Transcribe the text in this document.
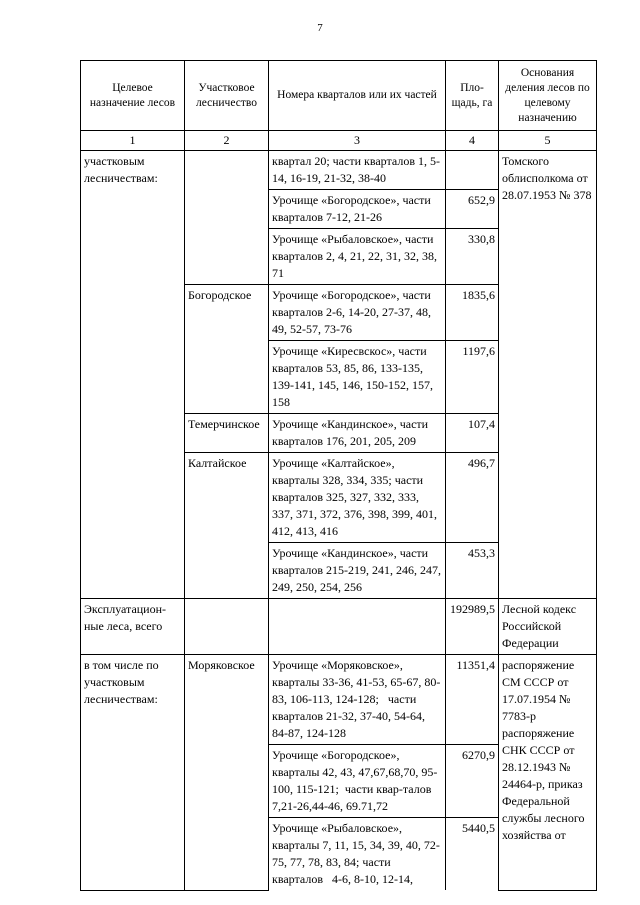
7
Целевое назначение лесов	Участковое лесничество	Номера кварталов или их частей	Пло-щадь, га	Основания деления лесов по целевому назначению
1	2	3	4	5
участковым лесничествам:		квартал 20; части кварталов 1, 5-14, 16-19, 21-32, 38-40		Томского облисполкома от 28.07.1953 № 378
		Урочище «Богородское», части кварталов 7-12, 21-26	652,9	
		Урочище «Рыбаловское», части кварталов 2, 4, 21, 22, 31, 32, 38, 71	330,8	
	Богородское	Урочище «Богородское», части кварталов 2-6, 14-20, 27-37, 48, 49, 52-57, 73-76	1835,6	
		Урочище «Киресвскос», части кварталов 53, 85, 86, 133-135, 139-141, 145, 146, 150-152, 157, 158	1197,6	
	Темерчинское	Урочище «Кандинское», части кварталов 176, 201, 205, 209	107,4	
	Калтайское	Урочище «Калтайское», кварталы 328, 334, 335; части кварталов 325, 327, 332, 333, 337, 371, 372, 376, 398, 399, 401, 412, 413, 416	496,7	
		Урочище «Кандинское», части кварталов 215-219, 241, 246, 247, 249, 250, 254, 256	453,3	
Эксплуатацион-ные леса, всего			192989,5	Лесной кодекс Российской Федерации
в том числе по участковым лесничествам:	Моряковское	Урочище «Моряковское», кварталы 33-36, 41-53, 65-67, 80-83, 106-113, 124-128;   части кварталов 21-32, 37-40, 54-64, 84-87, 124-128	11351,4	распоряжение СМ СССР от 17.07.1954 № 7783-р распоряжение СНК СССР от 28.12.1943 № 24464-р, приказ Федеральной службы лесного хозяйства от
		Урочище «Богородское», кварталы 42, 43, 47,67,68,70, 95-100, 115-121;  части квар-талов 7,21-26,44-46, 69.71,72	6270,9	
		Урочище «Рыбаловское», кварталы 7, 11, 15, 34, 39, 40, 72-75, 77, 78, 83, 84; части кварталов   4-6, 8-10, 12-14,	5440,5	
